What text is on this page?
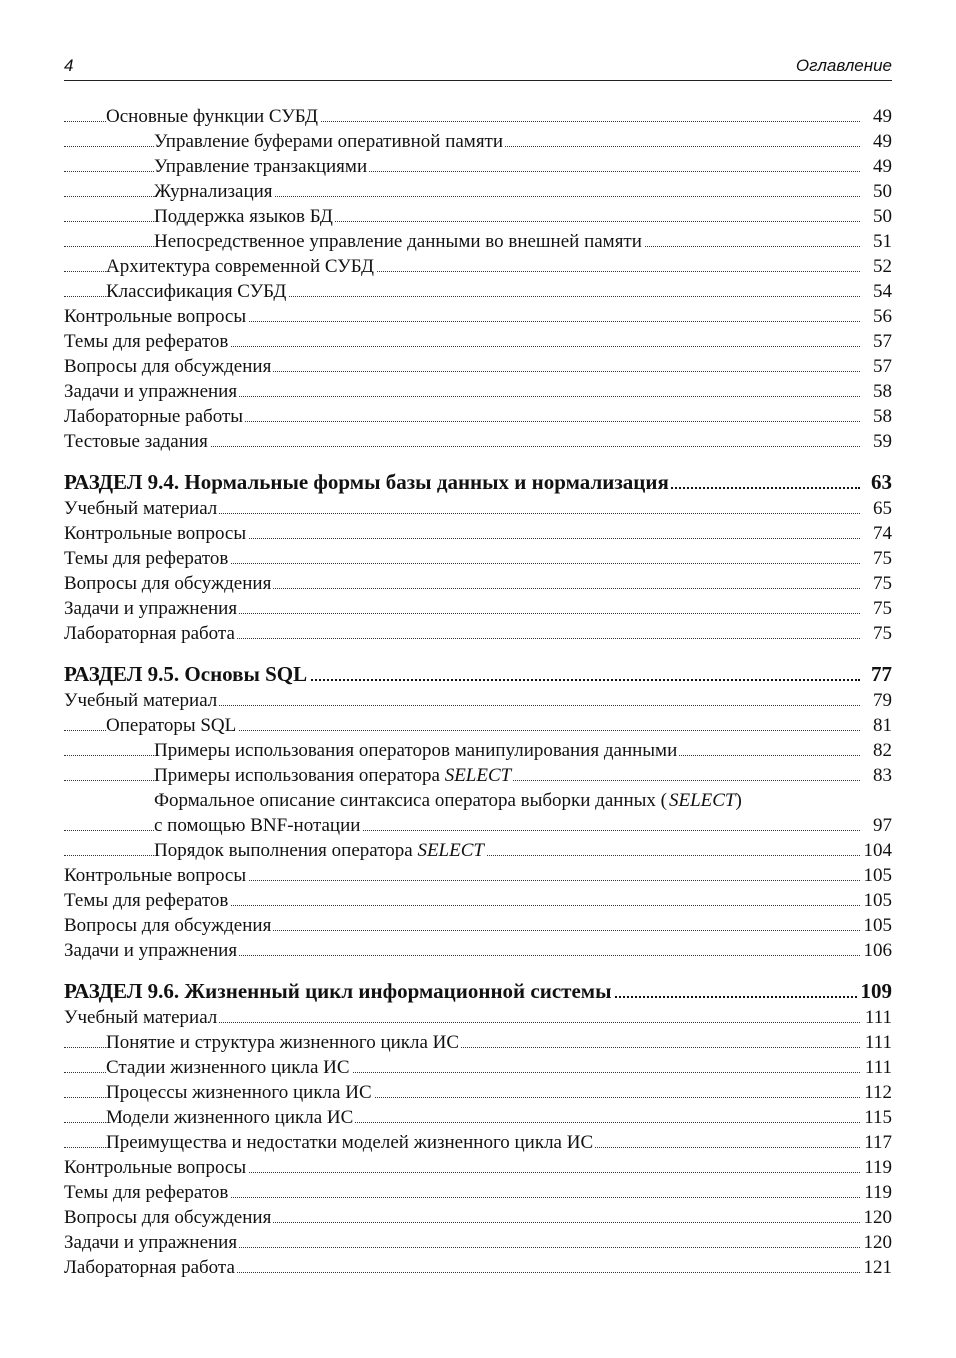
4	Оглавление
Основные функции СУБД	49
Управление буферами оперативной памяти	49
Управление транзакциями	49
Журнализация	50
Поддержка языков БД	50
Непосредственное управление данными во внешней памяти	51
Архитектура современной СУБД	52
Классификация СУБД	54
Контрольные вопросы	56
Темы для рефератов	57
Вопросы для обсуждения	57
Задачи и упражнения	58
Лабораторные работы	58
Тестовые задания	59
РАЗДЕЛ 9.4. Нормальные формы базы данных и нормализация	63
Учебный материал	65
Контрольные вопросы	74
Темы для рефератов	75
Вопросы для обсуждения	75
Задачи и упражнения	75
Лабораторная работа	75
РАЗДЕЛ 9.5. Основы SQL	77
Учебный материал	79
Операторы SQL	81
Примеры использования операторов манипулирования данными	82
Примеры использования оператора SELECT	83
Формальное описание синтаксиса оператора выборки данных ( SELECT)
с помощью BNF-нотации	97
Порядок выполнения оператора SELECT	104
Контрольные вопросы	105
Темы для рефератов	105
Вопросы для обсуждения	105
Задачи и упражнения	106
РАЗДЕЛ 9.6. Жизненный цикл информационной системы	109
Учебный материал	111
Понятие и структура жизненного цикла ИС	111
Стадии жизненного цикла ИС	111
Процессы жизненного цикла ИС	112
Модели жизненного цикла ИС	115
Преимущества и недостатки моделей жизненного цикла ИС	117
Контрольные вопросы	119
Темы для рефератов	119
Вопросы для обсуждения	120
Задачи и упражнения	120
Лабораторная работа	121
